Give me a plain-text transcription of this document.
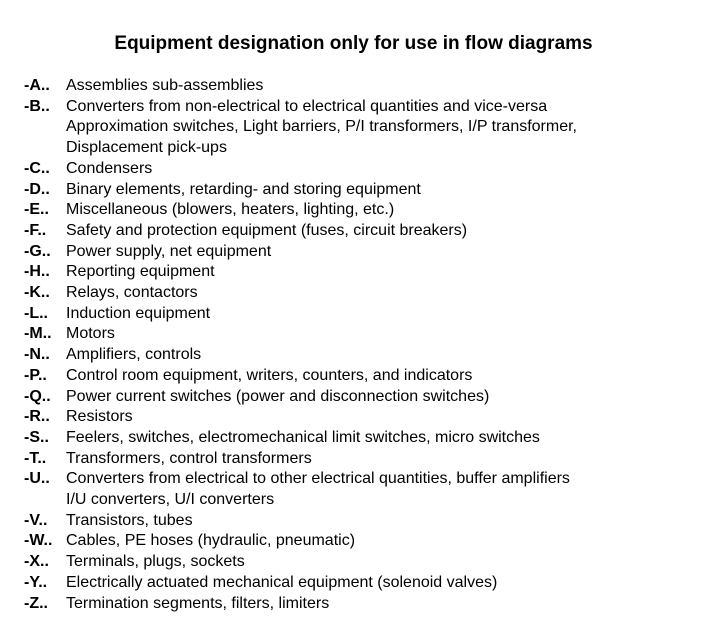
Equipment designation only for use in flow diagrams
-A..	Assemblies sub-assemblies
-B..	Converters from non-electrical to electrical quantities and vice-versa
Approximation switches, Light barriers, P/I transformers, I/P transformer,
Displacement pick-ups
-C..	Condensers
-D..	Binary elements, retarding- and storing equipment
-E..	Miscellaneous (blowers, heaters, lighting, etc.)
-F..	Safety and protection equipment (fuses, circuit breakers)
-G.. Power supply, net equipment
-H..	Reporting equipment
-K..	Relays, contactors
-L..	Induction equipment
-M.. Motors
-N..	Amplifiers, controls
-P..	Control room equipment, writers, counters, and indicators
-Q.. Power current switches (power and disconnection switches)
-R..	Resistors
-S..	Feelers, switches, electromechanical limit switches, micro switches
-T..	Transformers, control transformers
-U..	Converters from electrical to other electrical quantities, buffer amplifiers
I/U converters, U/I converters
-V..	Transistors, tubes
-W.. Cables, PE hoses (hydraulic, pneumatic)
-X..	Terminals, plugs, sockets
-Y..	Electrically actuated mechanical equipment (solenoid valves)
-Z..	Termination segments, filters, limiters
